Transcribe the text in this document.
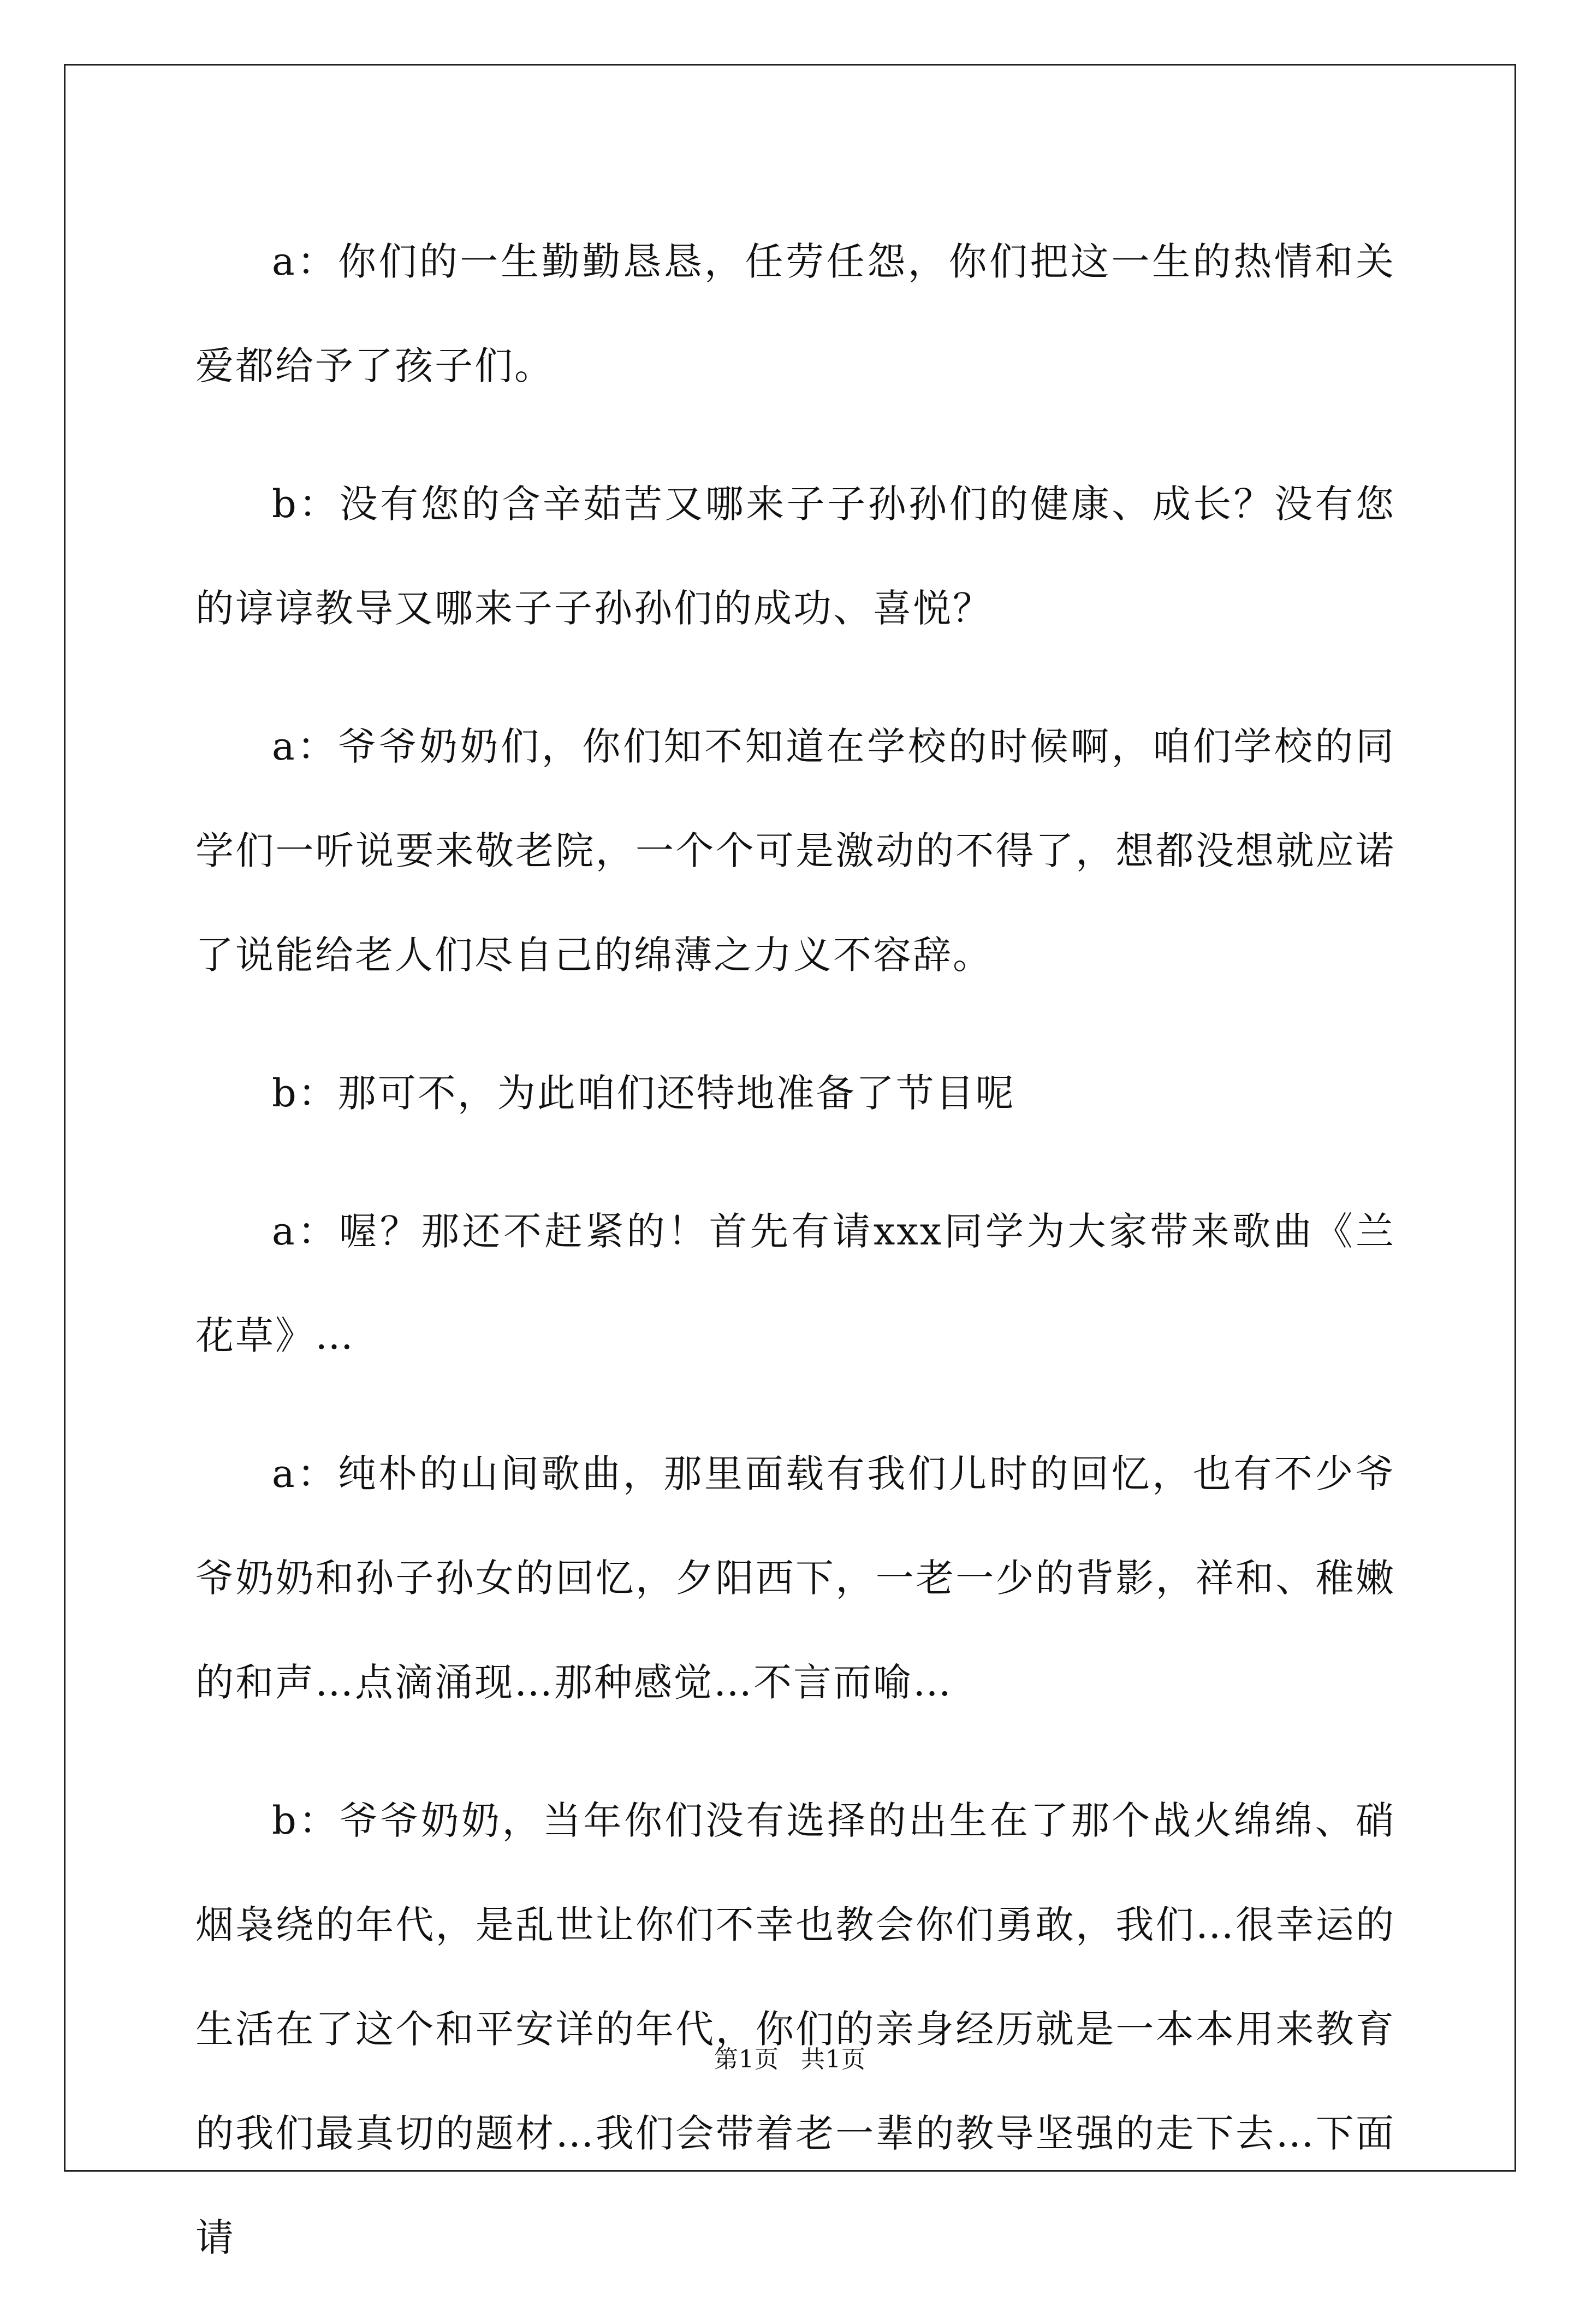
a：你们的一生勤勤恳恳，任劳任怨，你们把这一生的热情和关爱都给予了孩子们。

b：没有您的含辛茹苦又哪来子子孙孙们的健康、成长？没有您的谆谆教导又哪来子子孙孙们的成功、喜悦？

a：爷爷奶奶们，你们知不知道在学校的时候啊，咱们学校的同学们一听说要来敬老院，一个个可是激动的不得了，想都没想就应诺了说能给老人们尽自己的绵薄之力义不容辞。

b：那可不，为此咱们还特地准备了节目呢

a：喔？那还不赶紧的！首先有请xxx同学为大家带来歌曲《兰花草》…

a：纯朴的山间歌曲，那里面载有我们儿时的回忆，也有不少爷爷奶奶和孙子孙女的回忆，夕阳西下，一老一少的背影，祥和、稚嫩的和声…点滴涌现…那种感觉…不言而喻…

b：爷爷奶奶，当年你们没有选择的出生在了那个战火绵绵、硝烟袅绕的年代，是乱世让你们不幸也教会你们勇敢，我们…很幸运的生活在了这个和平安详的年代，你们的亲身经历就是一本本用来教育的我们最真切的题材…我们会带着老一辈的教导坚强的走下去…下面请

第1页 共1页
